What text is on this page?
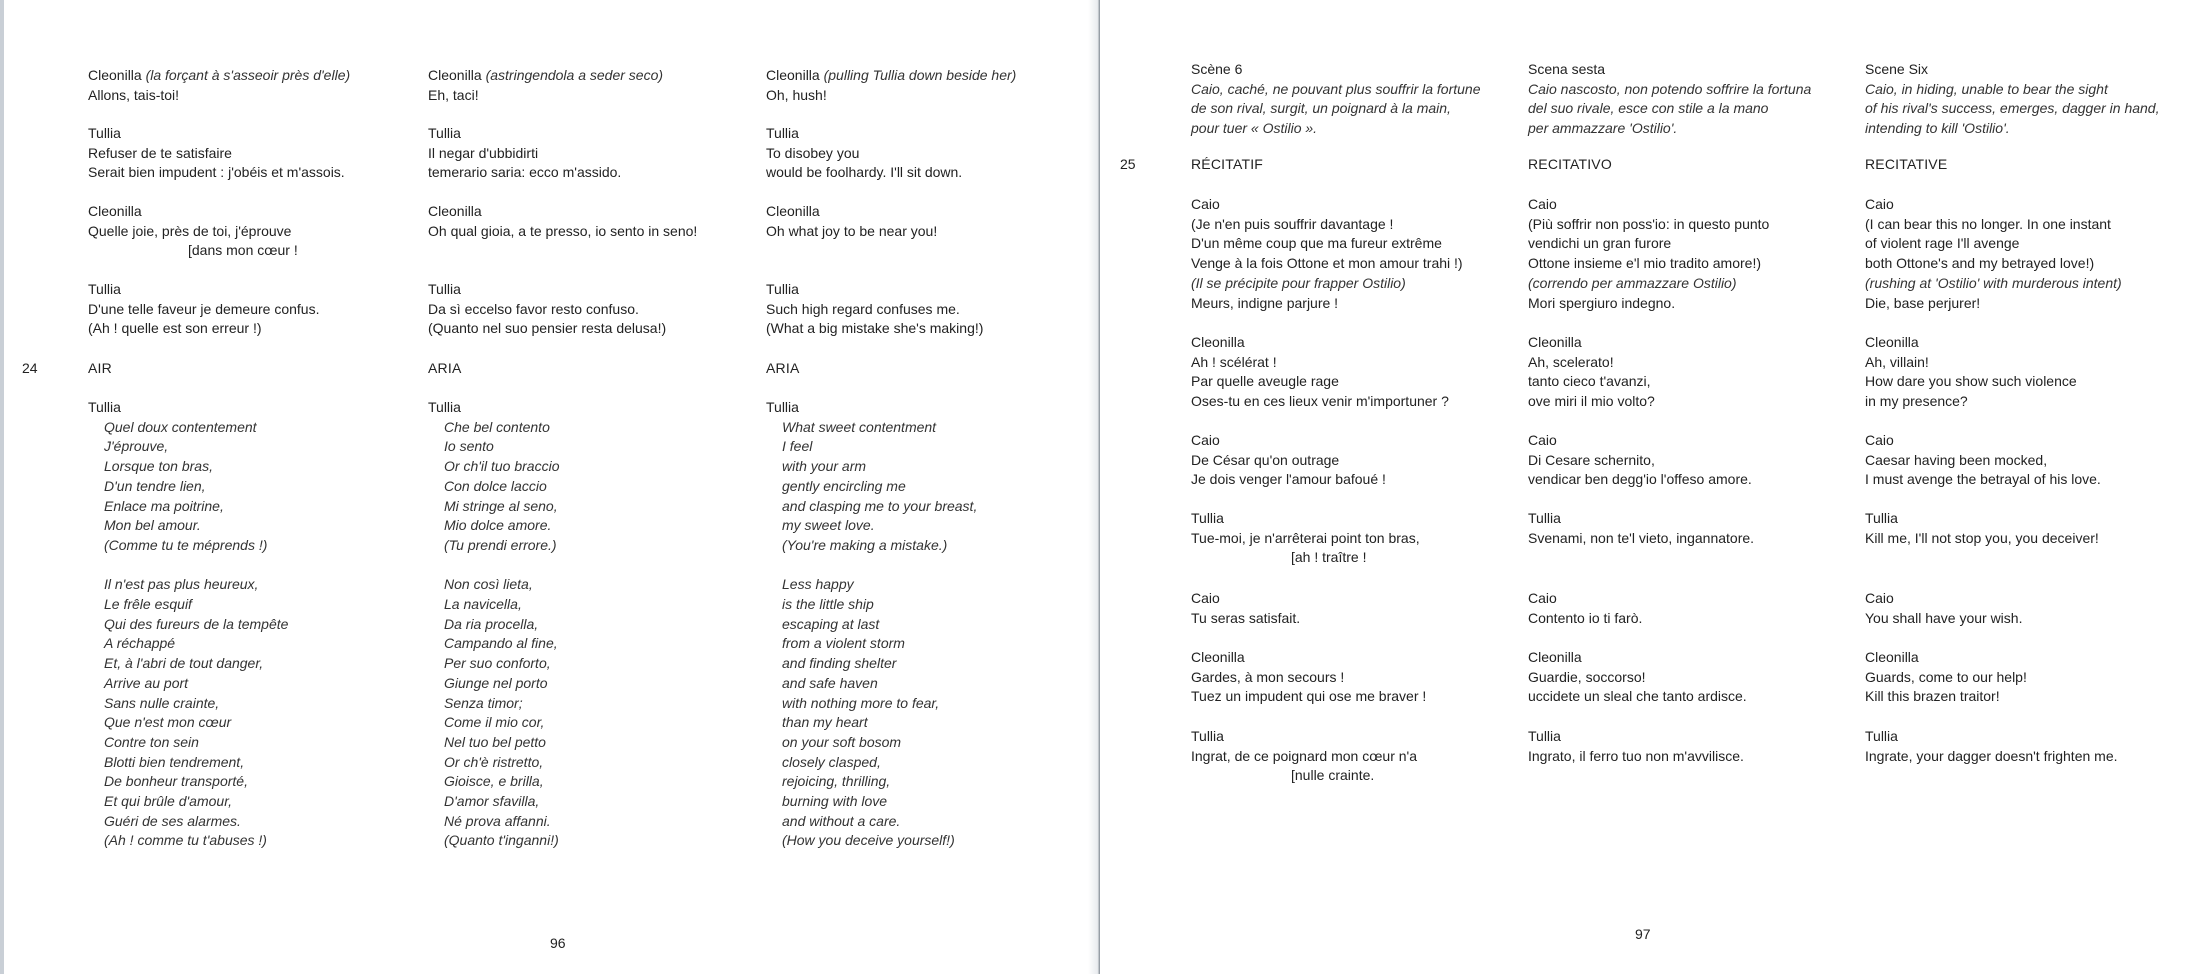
24
Cleonilla (la forçant à s'asseoir près d'elle)
Allons, tais-toi!
Tullia
Refuser de te satisfaire
Serait bien impudent : j'obéis et m'assois.
Cleonilla
Quelle joie, près de toi, j'éprouve
[dans mon cœur !
Tullia
D'une telle faveur je demeure confus.
(Ah ! quelle est son erreur !)
AIR
Tullia
Quel doux contentement
J'éprouve,
Lorsque ton bras,
D'un tendre lien,
Enlace ma poitrine,
Mon bel amour.
(Comme tu te méprends !)

Il n'est pas plus heureux,
Le frêle esquif
Qui des fureurs de la tempête
A réchappé
Et, à l'abri de tout danger,
Arrive au port
Sans nulle crainte,
Que n'est mon cœur
Contre ton sein
Blotti bien tendrement,
De bonheur transporté,
Et qui brûle d'amour,
Guéri de ses alarmes.
(Ah ! comme tu t'abuses !)
Cleonilla (astringendola a seder seco)
Eh, taci!
Tullia
Il negar d'ubbidirti
temerario saria: ecco m'assido.
Cleonilla
Oh qual gioia, a te presso, io sento in seno!
Tullia
Da sì eccelso favor resto confuso.
(Quanto nel suo pensier resta delusa!)
ARIA
Tullia
Che bel contento
Io sento
Or ch'il tuo braccio
Con dolce laccio
Mi stringe al seno,
Mio dolce amore.
(Tu prendi errore.)

Non così lieta,
La navicella,
Da ria procella,
Campando al fine,
Per suo conforto,
Giunge nel porto
Senza timor;
Come il mio cor,
Nel tuo bel petto
Or ch'è ristretto,
Gioisce, e brilla,
D'amor sfavilla,
Né prova affanni.
(Quanto t'inganni!)
Cleonilla (pulling Tullia down beside her)
Oh, hush!
Tullia
To disobey you
would be foolhardy. I'll sit down.
Cleonilla
Oh what joy to be near you!
Tullia
Such high regard confuses me.
(What a big mistake she's making!)
ARIA
Tullia
What sweet contentment
I feel
with your arm
gently encircling me
and clasping me to your breast,
my sweet love.
(You're making a mistake.)

Less happy
is the little ship
escaping at last
from a violent storm
and finding shelter
and safe haven
with nothing more to fear,
than my heart
on your soft bosom
closely clasped,
rejoicing, thrilling,
burning with love
and without a care.
(How you deceive yourself!)
96
25
Scène 6
Caio, caché, ne pouvant plus souffrir la fortune
de son rival, surgit, un poignard à la main,
pour tuer « Ostilio ».
RÉCITATIF
Caio
(Je n'en puis souffrir davantage !
D'un même coup que ma fureur extrême
Venge à la fois Ottone et mon amour trahi !)
(Il se précipite pour frapper Ostilio)
Meurs, indigne parjure !
Cleonilla
Ah ! scélérat !
Par quelle aveugle rage
Oses-tu en ces lieux venir m'importuner ?
Caio
De César qu'on outrage
Je dois venger l'amour bafoué !
Tullia
Tue-moi, je n'arrêterai point ton bras,
[ah ! traître !
Caio
Tu seras satisfait.
Cleonilla
Gardes, à mon secours !
Tuez un impudent qui ose me braver !
Tullia
Ingrat, de ce poignard mon cœur n'a
[nulle crainte.
Scena sesta
Caio nascosto, non potendo soffrire la fortuna
del suo rivale, esce con stile a la mano
per ammazzare 'Ostilio'.
RECITATIVO
Caio
(Più soffrir non poss'io: in questo punto
vendichi un gran furore
Ottone insieme e'l mio tradito amore!)
(correndo per ammazzare Ostilio)
Mori spergiuro indegno.
Cleonilla
Ah, scelerato!
tanto cieco t'avanzi,
ove miri il mio volto?
Caio
Di Cesare schernito,
vendicar ben degg'io l'offeso amore.
Tullia
Svenami, non te'l vieto, ingannatore.
Caio
Contento io ti farò.
Cleonilla
Guardie, soccorso!
uccidete un sleal che tanto ardisce.
Tullia
Ingrato, il ferro tuo non m'avvilisce.
Scene Six
Caio, in hiding, unable to bear the sight
of his rival's success, emerges, dagger in hand,
intending to kill 'Ostilio'.
RECITATIVE
Caio
(I can bear this no longer. In one instant
of violent rage I'll avenge
both Ottone's and my betrayed love!)
(rushing at 'Ostilio' with murderous intent)
Die, base perjurer!
Cleonilla
Ah, villain!
How dare you show such violence
in my presence?
Caio
Caesar having been mocked,
I must avenge the betrayal of his love.
Tullia
Kill me, I'll not stop you, you deceiver!
Caio
You shall have your wish.
Cleonilla
Guards, come to our help!
Kill this brazen traitor!
Tullia
Ingrate, your dagger doesn't frighten me.
97
